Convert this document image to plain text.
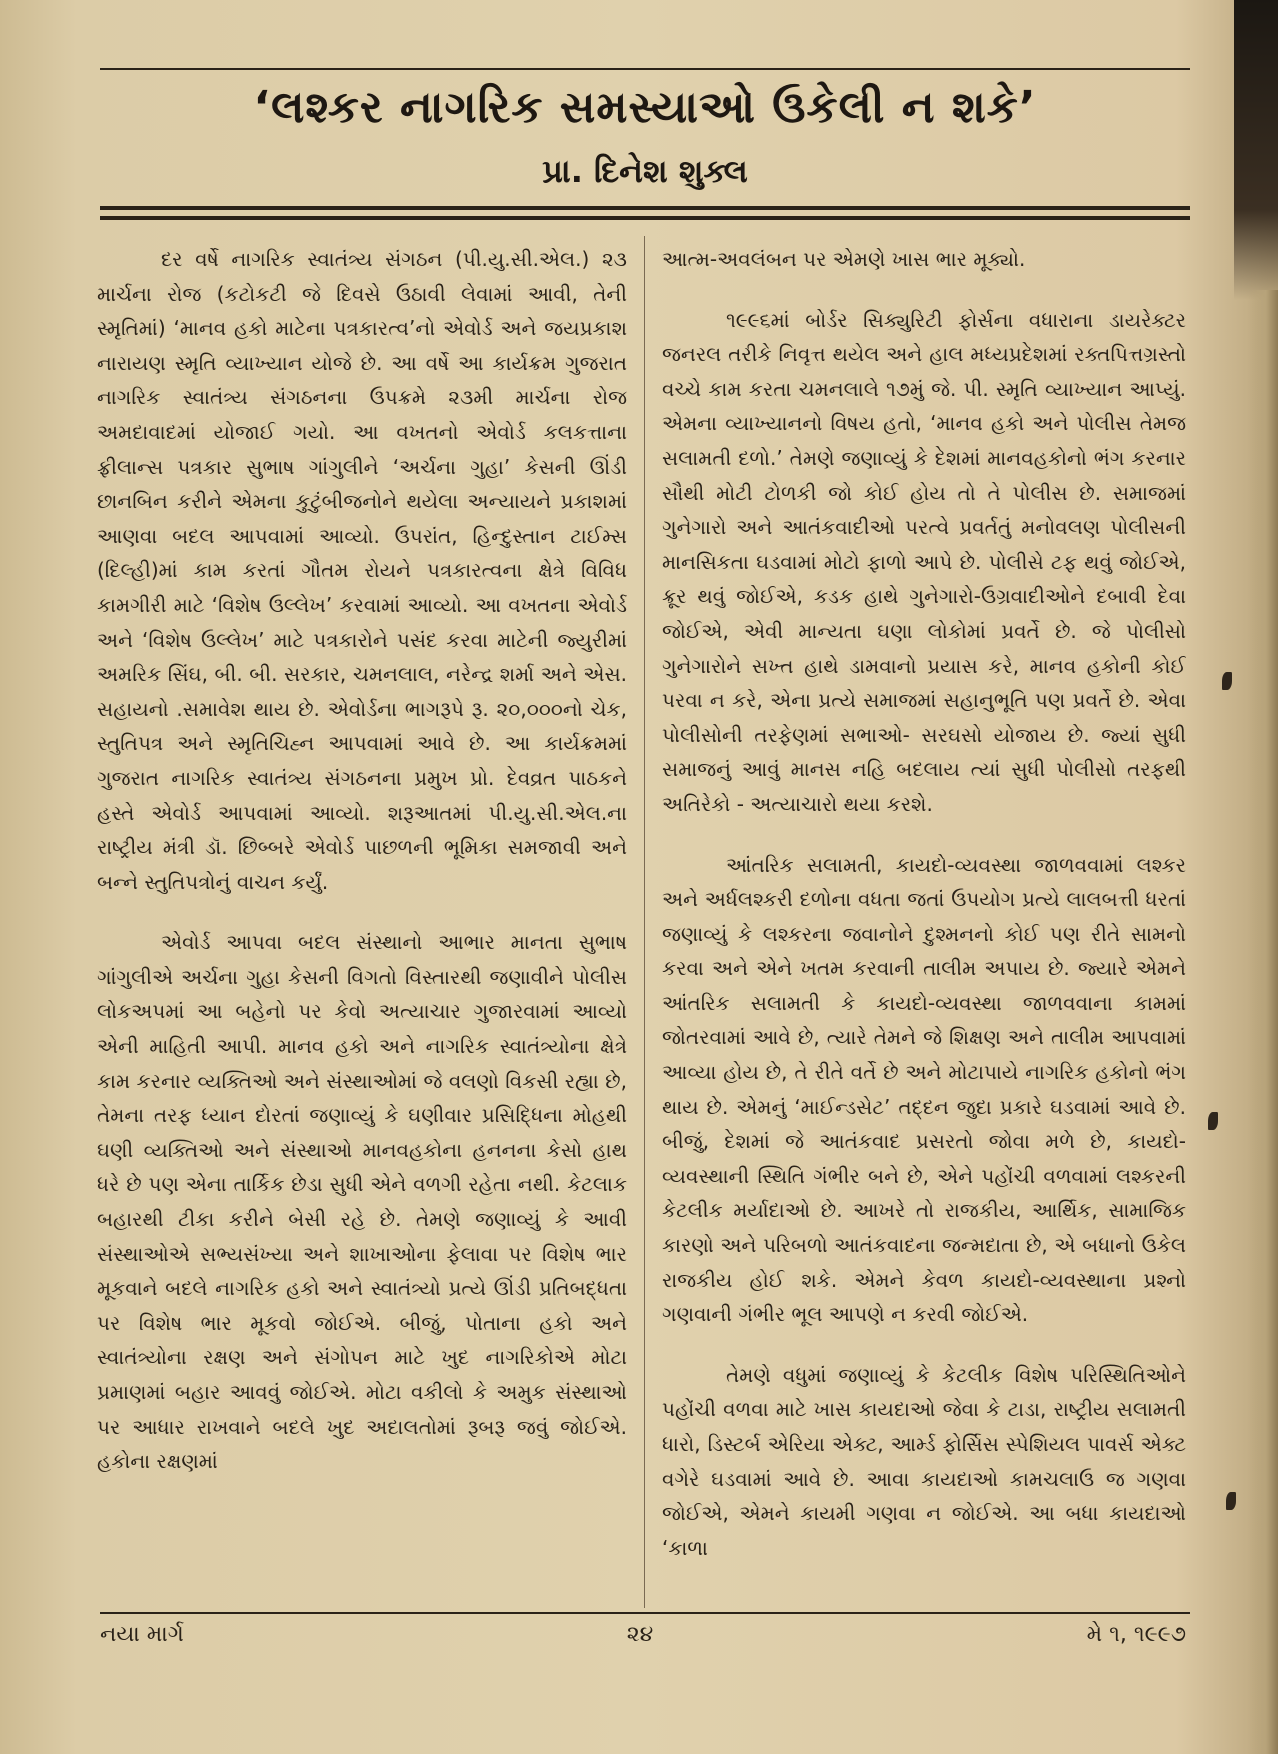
‘લશ્કર નાગરિક સમસ્યાઓ ઉકેલી ન શકે’
પ્રા. દિનેશ શુક્લ

દર વર્ષે નાગરિક સ્વાતંત્ર્ય સંગઠન (પી.યુ.સી.એલ.) ૨૩ માર્ચના રોજ (કટોકટી જે દિવસે ઉઠાવી લેવામાં આવી, તેની સ્મૃતિમાં) ‘માનવ હકો માટેના પત્રકારત્વ’નો એવોર્ડ અને જયપ્રકાશ નારાયણ સ્મૃતિ વ્યાખ્યાન યોજે છે. આ વર્ષે આ કાર્યક્રમ ગુજરાત નાગરિક સ્વાતંત્ર્ય સંગઠનના ઉપક્રમે ૨૩મી માર્ચના રોજ અમદાવાદમાં યોજાઈ ગયો. આ વખતનો એવોર્ડ કલકત્તાના ફ્રીલાન્સ પત્રકાર સુભાષ ગાંગુલીને ‘અર્ચના ગુહા’ કેસની ઊંડી છાનબિન કરીને એમના કુટુંબીજનોને થયેલા અન્યાયને પ્રકાશમાં આણવા બદલ આપવામાં આવ્યો. ઉપરાંત, હિન્દુસ્તાન ટાઈમ્સ (દિલ્હી)માં કામ કરતાં ગૌતમ રોયને પત્રકારત્વના ક્ષેત્રે વિવિધ કામગીરી માટે ‘વિશેષ ઉલ્લેખ’ કરવામાં આવ્યો. આ વખતના એવોર્ડ અને ‘વિશેષ ઉલ્લેખ’ માટે પત્રકારોને પસંદ કરવા માટેની જ્યુરીમાં અમરિક સિંઘ, બી. બી. સરકાર, ચમનલાલ, નરેન્દ્ર શર્મા અને એસ. સહાયનો .સમાવેશ થાય છે. એવોર્ડના ભાગરૂપે રૂ. ૨૦,૦૦૦નો ચેક, સ્તુતિપત્ર અને સ્મૃતિચિહ્ન આપવામાં આવે છે. આ કાર્યક્રમમાં ગુજરાત નાગરિક સ્વાતંત્ર્ય સંગઠનના પ્રમુખ પ્રો. દેવવ્રત પાઠકને હસ્તે એવોર્ડ આપવામાં આવ્યો. શરૂઆતમાં પી.યુ.સી.એલ.ના રાષ્ટ્રીય મંત્રી ડૉ. છિબ્બરે એવોર્ડ પાછળની ભૂમિકા સમજાવી અને બન્ને સ્તુતિપત્રોનું વાચન કર્યું.

એવોર્ડ આપવા બદલ સંસ્થાનો આભાર માનતા સુભાષ ગાંગુલીએ અર્ચના ગુહા કેસની વિગતો વિસ્તારથી જણાવીને પોલીસ લોકઅપમાં આ બહેનો પર કેવો અત્યાચાર ગુજારવામાં આવ્યો એની માહિતી આપી. માનવ હકો અને નાગરિક સ્વાતંત્ર્યોના ક્ષેત્રે કામ કરનાર વ્યક્તિઓ અને સંસ્થાઓમાં જે વલણો વિકસી રહ્યા છે, તેમના તરફ ધ્યાન દોરતાં જણાવ્યું કે ઘણીવાર પ્રસિદ્ધિના મોહથી ઘણી વ્યક્તિઓ અને સંસ્થાઓ માનવહકોના હનનના કેસો હાથ ધરે છે પણ એના તાર્કિક છેડા સુધી એને વળગી રહેતા નથી. કેટલાક બહારથી ટીકા કરીને બેસી રહે છે. તેમણે જણાવ્યું કે આવી સંસ્થાઓએ સભ્યસંખ્યા અને શાખાઓના ફેલાવા પર વિશેષ ભાર મૂકવાને બદલે નાગરિક હકો અને સ્વાતંત્ર્યો પ્રત્યે ઊંડી પ્રતિબદ્ધતા પર વિશેષ ભાર મૂકવો જોઈએ. બીજું, પોતાના હકો અને સ્વાતંત્ર્યોના રક્ષણ અને સંગોપન માટે ખુદ નાગરિકોએ મોટા પ્રમાણમાં બહાર આવવું જોઈએ. મોટા વકીલો કે અમુક સંસ્થાઓ પર આધાર રાખવાને બદલે ખુદ અદાલતોમાં રૂબરૂ જવું જોઈએ. હકોના રક્ષણમાં

આત્મ-અવલંબન પર એમણે ખાસ ભાર મૂક્યો.

૧૯૯૬માં બોર્ડર સિક્યુરિટી ફોર્સના વધારાના ડાયરેક્ટર જનરલ તરીકે નિવૃત્ત થયેલ અને હાલ મધ્યપ્રદેશમાં રક્તપિત્તગ્રસ્તો વચ્ચે કામ કરતા ચમનલાલે ૧૭મું જે. પી. સ્મૃતિ વ્યાખ્યાન આપ્યું. એમના વ્યાખ્યાનનો વિષય હતો, ‘માનવ હકો અને પોલીસ તેમજ સલામતી દળો.’ તેમણે જણાવ્યું કે દેશમાં માનવહકોનો ભંગ કરનાર સૌથી મોટી ટોળકી જો કોઈ હોય તો તે પોલીસ છે. સમાજમાં ગુનેગારો અને આતંકવાદીઓ પરત્વે પ્રવર્તતું મનોવલણ પોલીસની માનસિકતા ઘડવામાં મોટો ફાળો આપે છે. પોલીસે ટફ થવું જોઈએ, ક્રૂર થવું જોઈએ, કડક હાથે ગુનેગારો-ઉગ્રવાદીઓને દબાવી દેવા જોઈએ, એવી માન્યતા ઘણા લોકોમાં પ્રવર્તે છે. જે પોલીસો ગુનેગારોને સખ્ત હાથે ડામવાનો પ્રયાસ કરે, માનવ હકોની કોઈ પરવા ન કરે, એના પ્રત્યે સમાજમાં સહાનુભૂતિ પણ પ્રવર્તે છે. એવા પોલીસોની તરફેણમાં સભાઓ- સરઘસો યોજાય છે. જ્યાં સુધી સમાજનું આવું માનસ નહિ બદલાય ત્યાં સુધી પોલીસો તરફથી અતિરેકો - અત્યાચારો થયા કરશે.

આંતરિક સલામતી, કાયદો-વ્યવસ્થા જાળવવામાં લશ્કર અને અર્ધલશ્કરી દળોના વધતા જતાં ઉપયોગ પ્રત્યે લાલબત્તી ધરતાં જણાવ્યું કે લશ્કરના જવાનોને દુશ્મનનો કોઈ પણ રીતે સામનો કરવા અને એને ખતમ કરવાની તાલીમ અપાય છે. જ્યારે એમને આંતરિક સલામતી કે કાયદો-વ્યવસ્થા જાળવવાના કામમાં જોતરવામાં આવે છે, ત્યારે તેમને જે શિક્ષણ અને તાલીમ આપવામાં આવ્યા હોય છે, તે રીતે વર્તે છે અને મોટાપાયે નાગરિક હકોનો ભંગ થાય છે. એમનું ‘માઈન્ડસેટ’ તદ્દન જુદા પ્રકારે ઘડવામાં આવે છે. બીજું, દેશમાં જે આતંકવાદ પ્રસરતો જોવા મળે છે, કાયદો-વ્યવસ્થાની સ્થિતિ ગંભીર બને છે, એને પહોંચી વળવામાં લશ્કરની કેટલીક મર્યાદાઓ છે. આખરે તો રાજકીય, આર્થિક, સામાજિક કારણો અને પરિબળો આતંકવાદના જન્મદાતા છે, એ બધાનો ઉકેલ રાજકીય હોઈ શકે. એમને કેવળ કાયદો-વ્યવસ્થાના પ્રશ્નો ગણવાની ગંભીર ભૂલ આપણે ન કરવી જોઈએ.

તેમણે વધુમાં જણાવ્યું કે કેટલીક વિશેષ પરિસ્થિતિઓને પહોંચી વળવા માટે ખાસ કાયદાઓ જેવા કે ટાડા, રાષ્ટ્રીય સલામતી ધારો, ડિસ્ટર્બ એરિયા એક્ટ, આર્મ્ડ ફોર્સિસ સ્પેશિયલ પાવર્સ એક્ટ વગેરે ઘડવામાં આવે છે. આવા કાયદાઓ કામચલાઉ જ ગણવા જોઈએ, એમને કાયમી ગણવા ન જોઈએ. આ બધા કાયદાઓ ‘કાળા

નયા માર્ગ	૨૪	મે ૧, ૧૯૯૭
